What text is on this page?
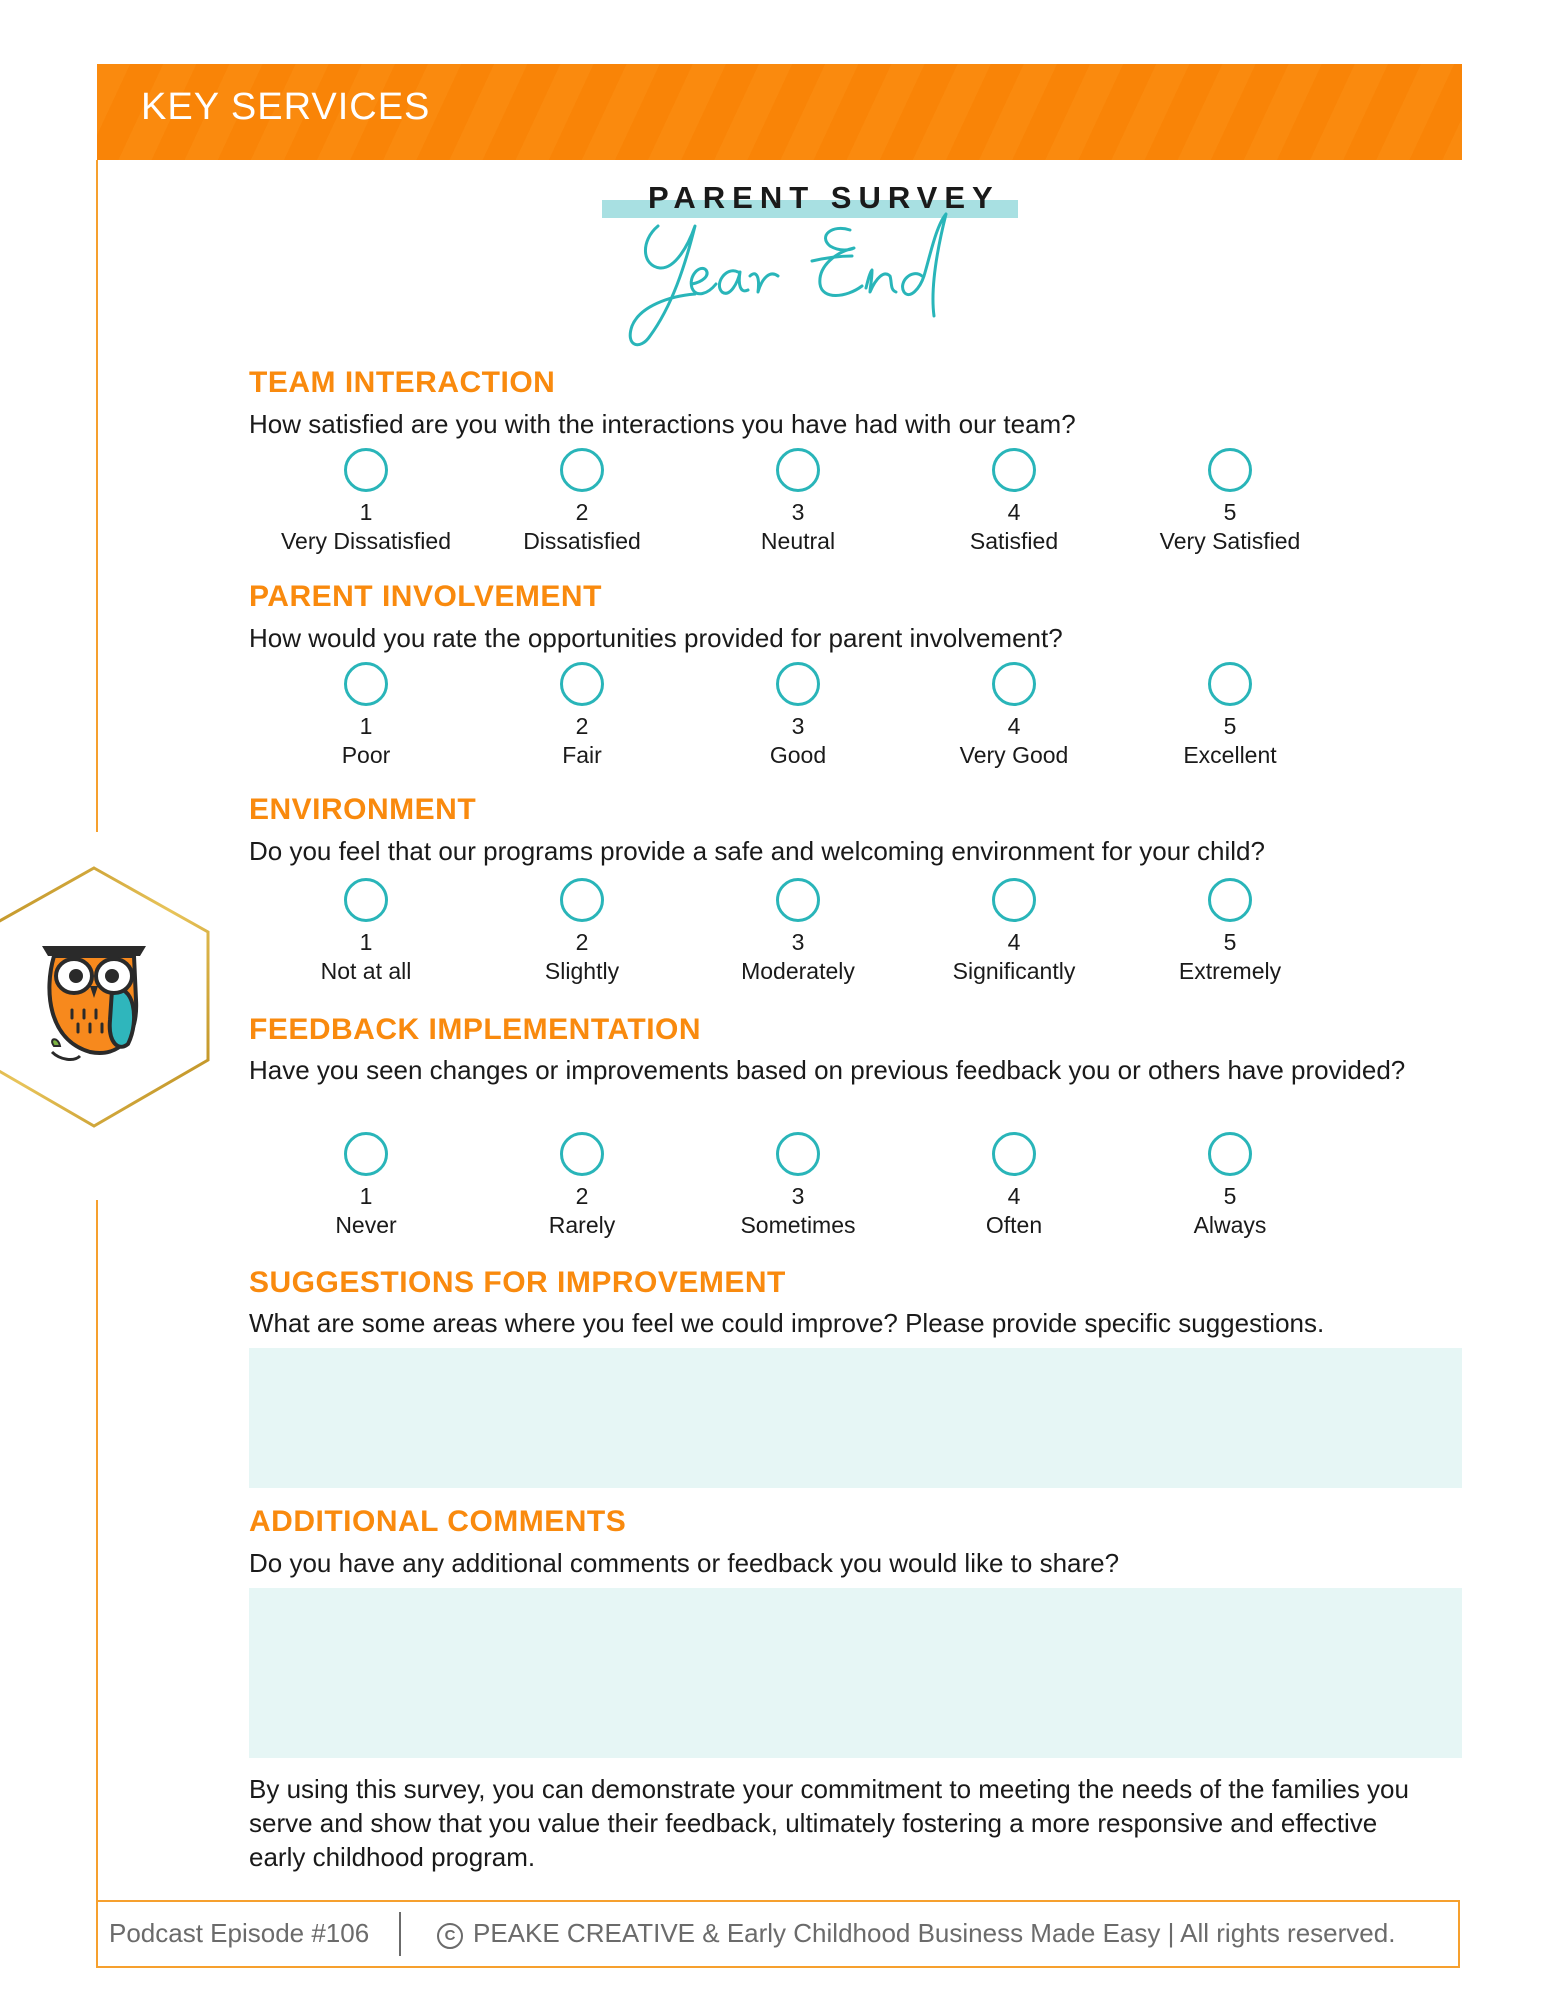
KEY SERVICES
PARENT SURVEY
TEAM INTERACTION
How satisfied are you with the interactions you have had with our team?
1
Very Dissatisfied
2
Dissatisfied
3
Neutral
4
Satisfied
5
Very Satisfied
PARENT INVOLVEMENT
How would you rate the opportunities provided for parent involvement?
1
Poor
2
Fair
3
Good
4
Very Good
5
Excellent
ENVIRONMENT
Do you feel that our programs provide a safe and welcoming environment for your child?
1
Not at all
2
Slightly
3
Moderately
4
Significantly
5
Extremely
FEEDBACK IMPLEMENTATION
Have you seen changes or improvements based on previous feedback you or others have provided?
1
Never
2
Rarely
3
Sometimes
4
Often
5
Always
SUGGESTIONS FOR IMPROVEMENT
What are some areas where you feel we could improve? Please provide specific suggestions.
ADDITIONAL COMMENTS
Do you have any additional comments or feedback you would like to share?
By using this survey, you can demonstrate your commitment to meeting the needs of the families you serve and show that you value their feedback, ultimately fostering a more responsive and effective early childhood program.
Podcast Episode #106	C PEAKE CREATIVE & Early Childhood Business Made Easy | All rights reserved.
